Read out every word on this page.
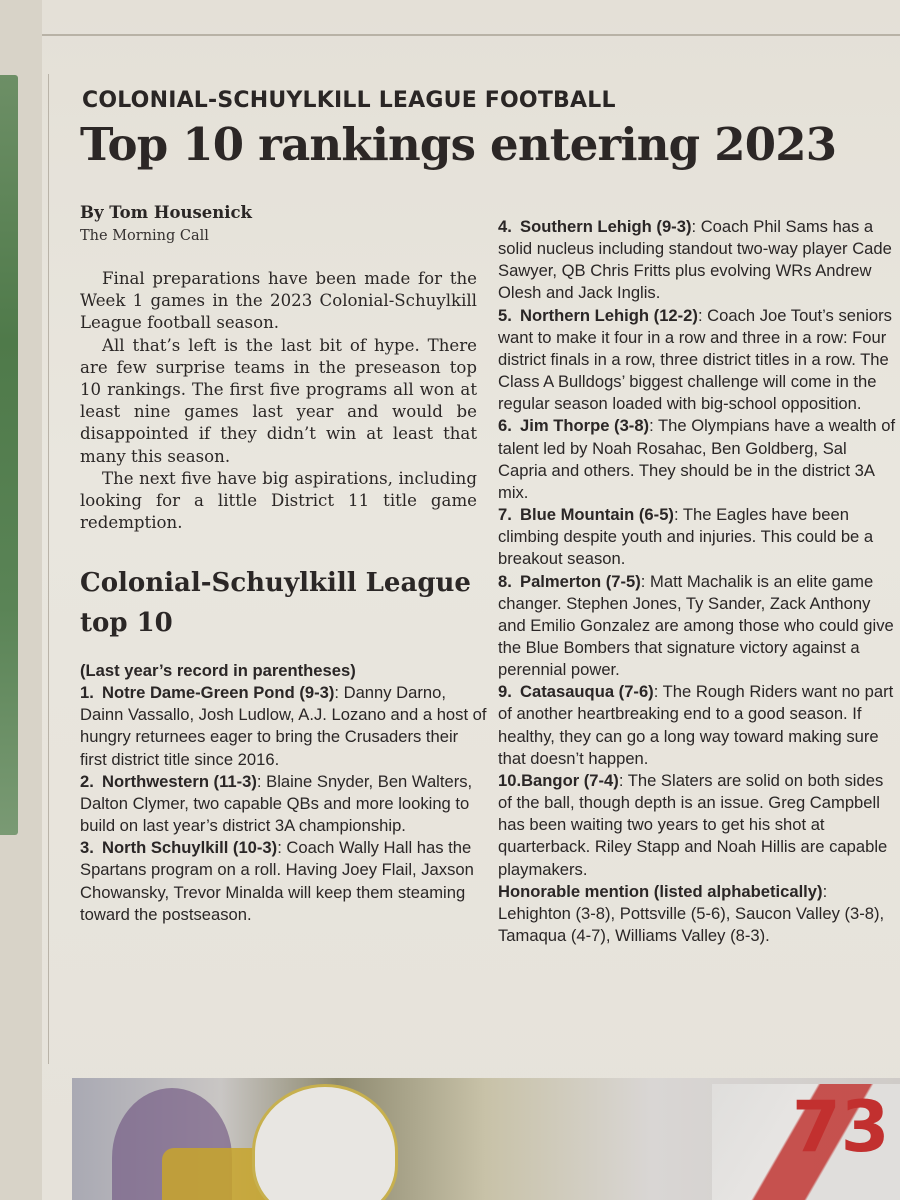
COLONIAL-SCHUYLKILL LEAGUE FOOTBALL
Top 10 rankings entering 2023
By Tom Housenick
The Morning Call

Final preparations have been made for the Week 1 games in the 2023 Colonial-Schuylkill League football season.

All that’s left is the last bit of hype. There are few surprise teams in the preseason top 10 rankings. The first five programs all won at least nine games last year and would be disappointed if they didn’t win at least that many this season.

The next five have big aspirations, including looking for a little District 11 title game redemption.

Colonial-Schuylkill League top 10

(Last year’s record in parentheses)

1. Notre Dame-Green Pond (9-3): Danny Darno, Dainn Vassallo, Josh Ludlow, A.J. Lozano and a host of hungry returnees eager to bring the Crusaders their first district title since 2016.

2. Northwestern (11-3): Blaine Snyder, Ben Walters, Dalton Clymer, two capable QBs and more looking to build on last year’s district 3A championship.

3. North Schuylkill (10-3): Coach Wally Hall has the Spartans program on a roll. Having Joey Flail, Jaxson Chowansky, Trevor Minalda will keep them steaming toward the postseason.

4. Southern Lehigh (9-3): Coach Phil Sams has a solid nucleus including standout two-way player Cade Sawyer, QB Chris Fritts plus evolving WRs Andrew Olesh and Jack Inglis.

5. Northern Lehigh (12-2): Coach Joe Tout’s seniors want to make it four in a row and three in a row: Four district finals in a row, three district titles in a row. The Class A Bulldogs’ biggest challenge will come in the regular season loaded with big-school opposition.

6. Jim Thorpe (3-8): The Olympians have a wealth of talent led by Noah Rosahac, Ben Goldberg, Sal Capria and others. They should be in the district 3A mix.

7. Blue Mountain (6-5): The Eagles have been climbing despite youth and injuries. This could be a breakout season.

8. Palmerton (7-5): Matt Machalik is an elite game changer. Stephen Jones, Ty Sander, Zack Anthony and Emilio Gonzalez are among those who could give the Blue Bombers that signature victory against a perennial power.

9. Catasauqua (7-6): The Rough Riders want no part of another heartbreaking end to a good season. If healthy, they can go a long way toward making sure that doesn’t happen.

10.Bangor (7-4): The Slaters are solid on both sides of the ball, though depth is an issue. Greg Campbell has been waiting two years to get his shot at quarterback. Riley Stapp and Noah Hillis are capable playmakers.

Honorable mention (listed alphabetically): Lehighton (3-8), Pottsville (5-6), Saucon Valley (3-8), Tamaqua (4-7), Williams Valley (8-3).

73
